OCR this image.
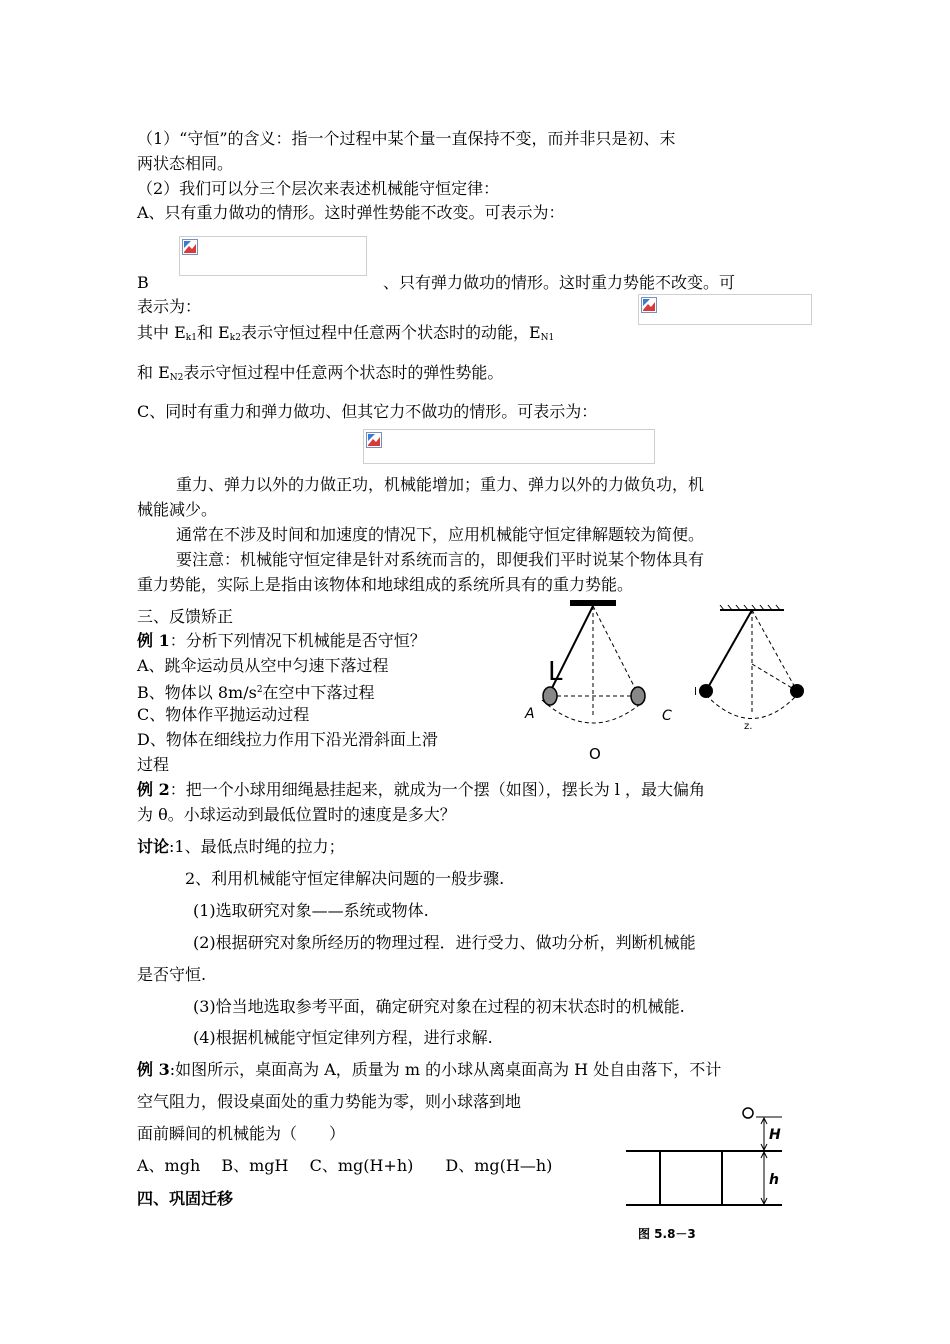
（1）“守恒”的含义：指一个过程中某个量一直保持不变，而并非只是初、末
两状态相同。
（2）我们可以分三个层次来表述机械能守恒定律：
A、只有重力做功的情形。这时弹性势能不改变。可表示为：
B	、只有弹力做功的情形。这时重力势能不改变。可
表示为：
其中 $E_{k1}$和 $E_{k2}$表示守恒过程中任意两个状态时的动能，$E_{N1}$
和 $E_{N2}$表示守恒过程中任意两个状态时的弹性势能。
C、同时有重力和弹力做功、但其它力不做功的情形。可表示为：
重力、弹力以外的力做正功，机械能增加；重力、弹力以外的力做负功，机
械能减少。
通常在不涉及时间和加速度的情况下，应用机械能守恒定律解题较为简便。
要注意：机械能守恒定律是针对系统而言的，即便我们平时说某个物体具有
重力势能，实际上是指由该物体和地球组成的系统所具有的重力势能。
三、反馈矫正
例 1：分析下列情况下机械能是否守恒？
A、跳伞运动员从空中匀速下落过程
B、物体以 $8m/s^2$在空中下落过程
C、物体作平抛运动过程
D、物体在细线拉力作用下沿光滑斜面上滑
过程
L
A	C
O
l
z.
例 2：把一个小球用细绳悬挂起来，就成为一个摆（如图），摆长为 l ，最大偏角
为 θ。小球运动到最低位置时的速度是多大？
讨论:1、最低点时绳的拉力；
2、利用机械能守恒定律解决问题的一般步骤.
(1)选取研究对象——系统或物体.
(2)根据研究对象所经历的物理过程．进行受力、做功分析，判断机械能
是否守恒.
(3)恰当地选取参考平面，确定研究对象在过程的初末状态时的机械能.
(4)根据机械能守恒定律列方程，进行求解.
例 3:如图所示，桌面高为 A，质量为 m 的小球从离桌面高为 H 处自由落下，不计
空气阻力，假设桌面处的重力势能为零，则小球落到地
面前瞬间的机械能为（　　）
A、mgh　 B、mgH　 C、mg(H+h)　　D、mg(H—h)
H
h
图 5.8－3
四、巩固迁移
